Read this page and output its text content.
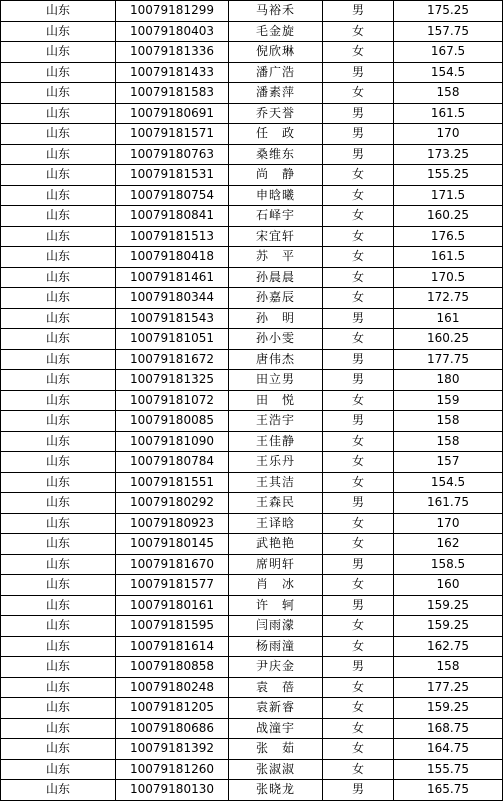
山东	10079181299	马裕禾	男	175.25
山东	10079180403	毛金旋	女	157.75
山东	10079181336	倪欣琳	女	167.5
山东	10079181433	潘广浩	男	154.5
山东	10079181583	潘素萍	女	158
山东	10079180691	乔天誉	男	161.5
山东	10079181571	任　政	男	170
山东	10079180763	桑维东	男	173.25
山东	10079181531	尚　静	女	155.25
山东	10079180754	申晗曦	女	171.5
山东	10079180841	石峄宇	女	160.25
山东	10079181513	宋宜轩	女	176.5
山东	10079180418	苏　平	女	161.5
山东	10079181461	孙晨晨	女	170.5
山东	10079180344	孙嘉辰	女	172.75
山东	10079181543	孙　明	男	161
山东	10079181051	孙小雯	女	160.25
山东	10079181672	唐伟杰	男	177.75
山东	10079181325	田立男	男	180
山东	10079181072	田　悦	女	159
山东	10079180085	王浩宇	男	158
山东	10079181090	王佳静	女	158
山东	10079180784	王乐丹	女	157
山东	10079181551	王其洁	女	154.5
山东	10079180292	王森民	男	161.75
山东	10079180923	王译晗	女	170
山东	10079180145	武艳艳	女	162
山东	10079181670	席明轩	男	158.5
山东	10079181577	肖　冰	女	160
山东	10079180161	许　轲	男	159.25
山东	10079181595	闫雨濛	女	159.25
山东	10079181614	杨雨潼	女	162.75
山东	10079180858	尹庆金	男	158
山东	10079180248	袁　蓓	女	177.25
山东	10079181205	袁新睿	女	159.25
山东	10079180686	战潼宇	女	168.75
山东	10079181392	张　茹	女	164.75
山东	10079181260	张淑淑	女	155.75
山东	10079180130	张晓龙	男	165.75
